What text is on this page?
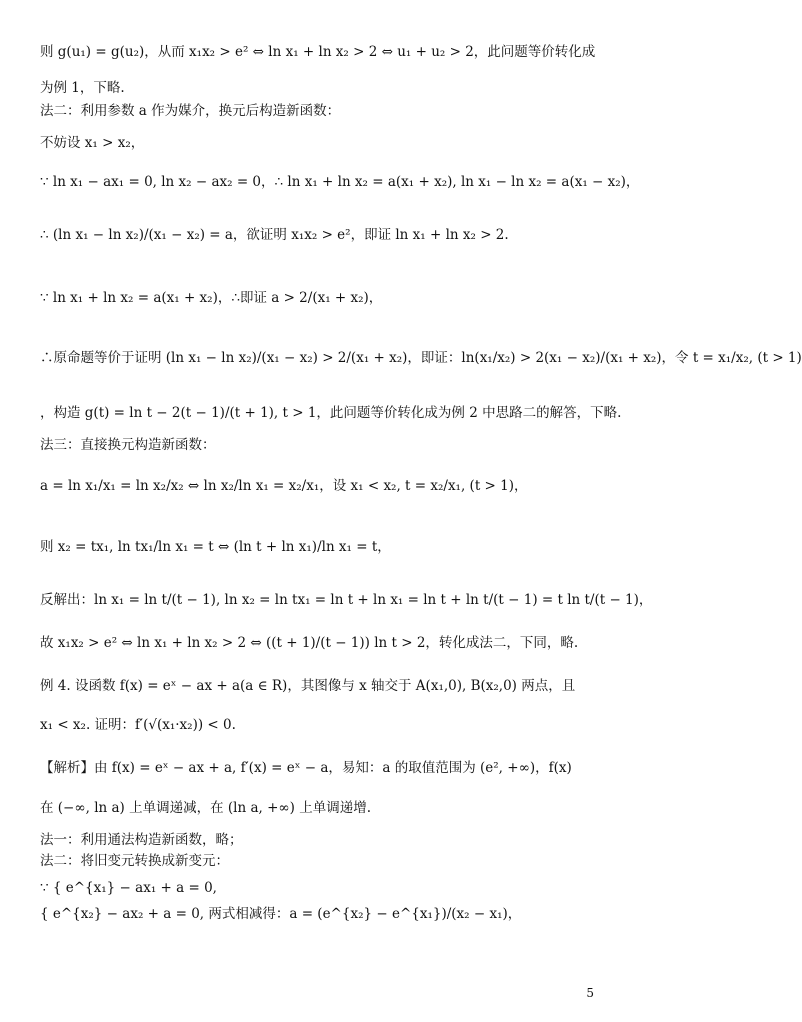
则 g(u₁) = g(u₂)，从而 x₁x₂ > e² ⇔ ln x₁ + ln x₂ > 2 ⇔ u₁ + u₂ > 2，此问题等价转化成
为例 1，下略.
法二：利用参数 a 作为媒介，换元后构造新函数：
不妨设 x₁ > x₂，
∵ ln x₁ − ax₁ = 0, ln x₂ − ax₂ = 0，∴ ln x₁ + ln x₂ = a(x₁ + x₂), ln x₁ − ln x₂ = a(x₁ − x₂)，
∴ (ln x₁ − ln x₂)/(x₁ − x₂) = a，欲证明 x₁x₂ > e²，即证 ln x₁ + ln x₂ > 2.
∵ ln x₁ + ln x₂ = a(x₁ + x₂)，∴即证 a > 2/(x₁ + x₂)，
∴原命题等价于证明 (ln x₁ − ln x₂)/(x₁ − x₂) > 2/(x₁ + x₂)，即证：ln(x₁/x₂) > 2(x₁ − x₂)/(x₁ + x₂)，令 t = x₁/x₂, (t > 1)
，构造 g(t) = ln t − 2(t − 1)/(t + 1), t > 1，此问题等价转化成为例 2 中思路二的解答，下略.
法三：直接换元构造新函数：
a = ln x₁/x₁ = ln x₂/x₂ ⇔ ln x₂/ln x₁ = x₂/x₁，设 x₁ < x₂, t = x₂/x₁, (t > 1)，
则 x₂ = tx₁, ln tx₁/ln x₁ = t ⇔ (ln t + ln x₁)/ln x₁ = t，
反解出：ln x₁ = ln t/(t − 1), ln x₂ = ln tx₁ = ln t + ln x₁ = ln t + ln t/(t − 1) = t ln t/(t − 1)，
故 x₁x₂ > e² ⇔ ln x₁ + ln x₂ > 2 ⇔ ((t + 1)/(t − 1)) ln t > 2，转化成法二，下同，略.
例 4. 设函数 f(x) = eˣ − ax + a(a ∈ R)，其图像与 x 轴交于 A(x₁,0), B(x₂,0) 两点，且
x₁ < x₂. 证明：f′(√(x₁·x₂)) < 0.
【解析】由 f(x) = eˣ − ax + a, f′(x) = eˣ − a，易知：a 的取值范围为 (e², +∞)，f(x)
在 (−∞, ln a) 上单调递减，在 (ln a, +∞) 上单调递增.
法一：利用通法构造新函数，略；
法二：将旧变元转换成新变元：
∵ { e^{x₁} − ax₁ + a = 0,
{ e^{x₂} − ax₂ + a = 0, 两式相减得：a = (e^{x₂} − e^{x₁})/(x₂ − x₁)，
5
